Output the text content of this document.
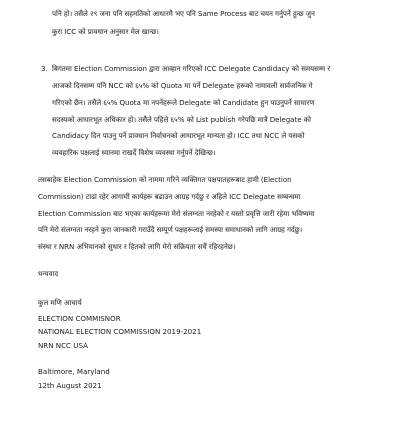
पनि हो। तसैले २९ जना पनि सहमतिको आधारमै भए पनि Same Process बाट चयन गर्नुपर्ने हुन्छ जुन
कुरा ICC को प्रावधान अनुसार मेल खान्छ।
3. बिगतमा Election Commission द्वारा आव्हान गरिएको ICC Delegate Candidacy को समयसम्म र
आजको दिनसम्म पनि NCC को ६५% को Quota मा पर्ने Delegate हरूको नामावली सार्वजनिक गे
गरिएको छैन। तसैले ६५% Quota मा नपर्नेहरूले Delegate को Candidate हुन पाउनुपर्ने साधारण
सदस्यको आधारभूत अधिकार हो। तसैले पहिले ६५% को List publish गरेपछि मात्रै Delegate को
Candidacy दिन पाउनु पर्ने प्रावधान निर्वाचनको आधारभूत मान्यता हो। ICC तथा NCC ले यसको
व्यवहारिक पक्षलाई ध्यानमा राखर्दे विशेष व्यवस्था गर्नुपर्ने देखिन्छ।
तसबाहेक Election Commission को नाममा गरिने व्यक्तिगत पक्षपातहरूबाट हामी (Election
Commission) टाढा रहेर आगामी कार्यहरू बढाउन आग्रह गर्दछु र अहिले ICC Delegate सम्बन्धमा
Election Commission बाट भएका कार्यहरूमा मेरो संलग्नता नरहेको र यस्तो प्रवृत्ति जारी रहेमा भविष्यमा
पनि मेरो संलग्नता नरहने कुरा जानकारी गराउँदै सम्पूर्ण पक्षहरूलाई समस्या समाधानको लागि आग्रह गर्दछु।
संस्था र NRN अभियानको सुधार र हितको लागि मेरो सक्रियता सधैं रहिरहनेछ।
धन्यवाद
कुल मणि आचार्य
ELECTION COMMISNOR
NATIONAL ELECTION COMMISSION 2019-2021
NRN NCC USA
Baltimore, Maryland
12th August 2021
